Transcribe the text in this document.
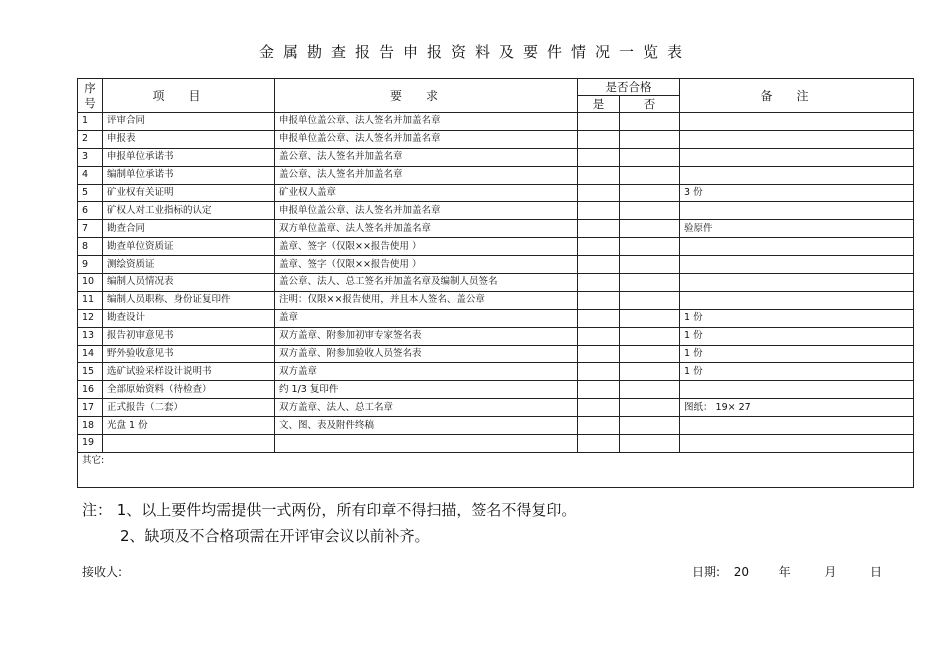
金属勘查报告申报资料及要件情况一览表
序
号	项目	要求	是否合格		备注
			是	否	
1	评审合同	申报单位盖公章、法人签名并加盖名章			
2	申报表	申报单位盖公章、法人签名并加盖名章			
3	申报单位承诺书	盖公章、法人签名并加盖名章			
4	编制单位承诺书	盖公章、法人签名并加盖名章			
5	矿业权有关证明	矿业权人盖章			3 份
6	矿权人对工业指标的认定	申报单位盖公章、法人签名并加盖名章			
7	勘查合同	双方单位盖章、法人签名并加盖名章			验原件
8	勘查单位资质证	盖章、签字（仅限××报告使用 ）			
9	测绘资质证	盖章、签字（仅限××报告使用 ）			
10	编制人员情况表	盖公章、法人、总工签名并加盖名章及编制人员签名			
11	编制人员职称、身份证复印件	注明：仅限××报告使用，并且本人签名、盖公章			
12	勘查设计	盖章			1 份
13	报告初审意见书	双方盖章、附参加初审专家签名表			1 份
14	野外验收意见书	双方盖章、附参加验收人员签名表			1 份
15	选矿试验采样设计说明书	双方盖章			1 份
16	全部原始资料（待检查）	约 1/3 复印件			
17	正式报告（二套）	双方盖章、法人、总工名章			图纸： 19× 27
18	光盘 1 份	文、图、表及附件终稿			
19					
其它:					
注： 1、以上要件均需提供一式两份，所有印章不得扫描，签名不得复印。
2、缺项及不合格项需在开评审会议以前补齐。
接收人:	日期: 20 年	月	日
